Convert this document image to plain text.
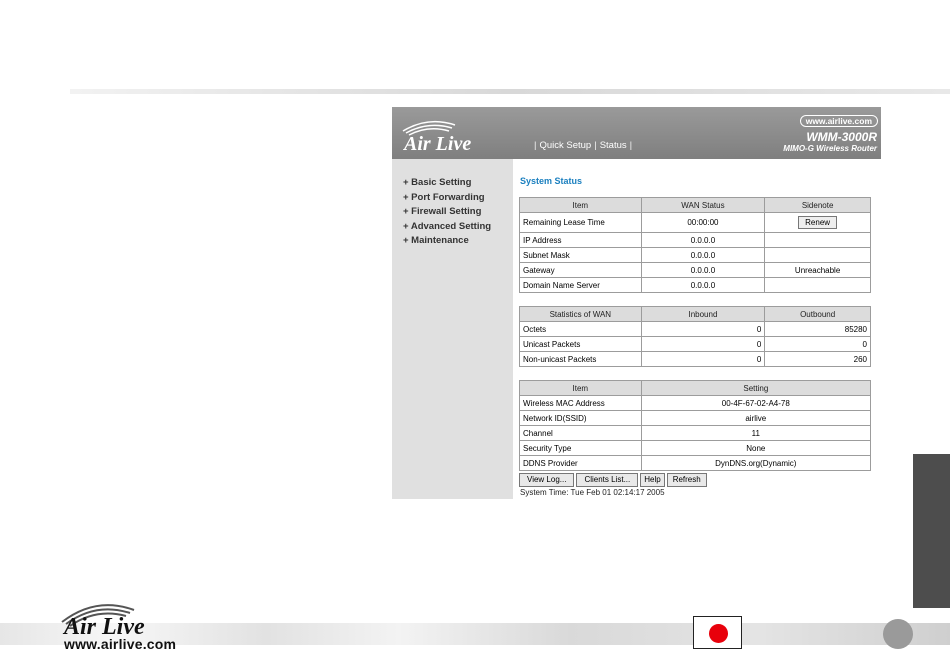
Air Live
www.airlive.com
Air Live	| Quick Setup | Status |
www.airlive.com
WMM-3000R
MIMO-G Wireless Router
+ Basic Setting
+ Port Forwarding
+ Firewall Setting
+ Advanced Setting
+ Maintenance
System Status
Item	WAN Status	Sidenote
Remaining Lease Time	00:00:00	Renew
IP Address	0.0.0.0	
Subnet Mask	0.0.0.0	
Gateway	0.0.0.0	Unreachable
Domain Name Server	0.0.0.0	
Statistics of WAN	Inbound	Outbound
Octets	0	85280
Unicast Packets	0	0
Non-unicast Packets	0	260
Item	Setting
Wireless MAC Address	00-4F-67-02-A4-78
Network ID(SSID)	airlive
Channel	11
Security Type	None
DDNS Provider	DynDNS.org(Dynamic)
View Log...	Clients List...	Help	Refresh
System Time: Tue Feb 01 02:14:17 2005
